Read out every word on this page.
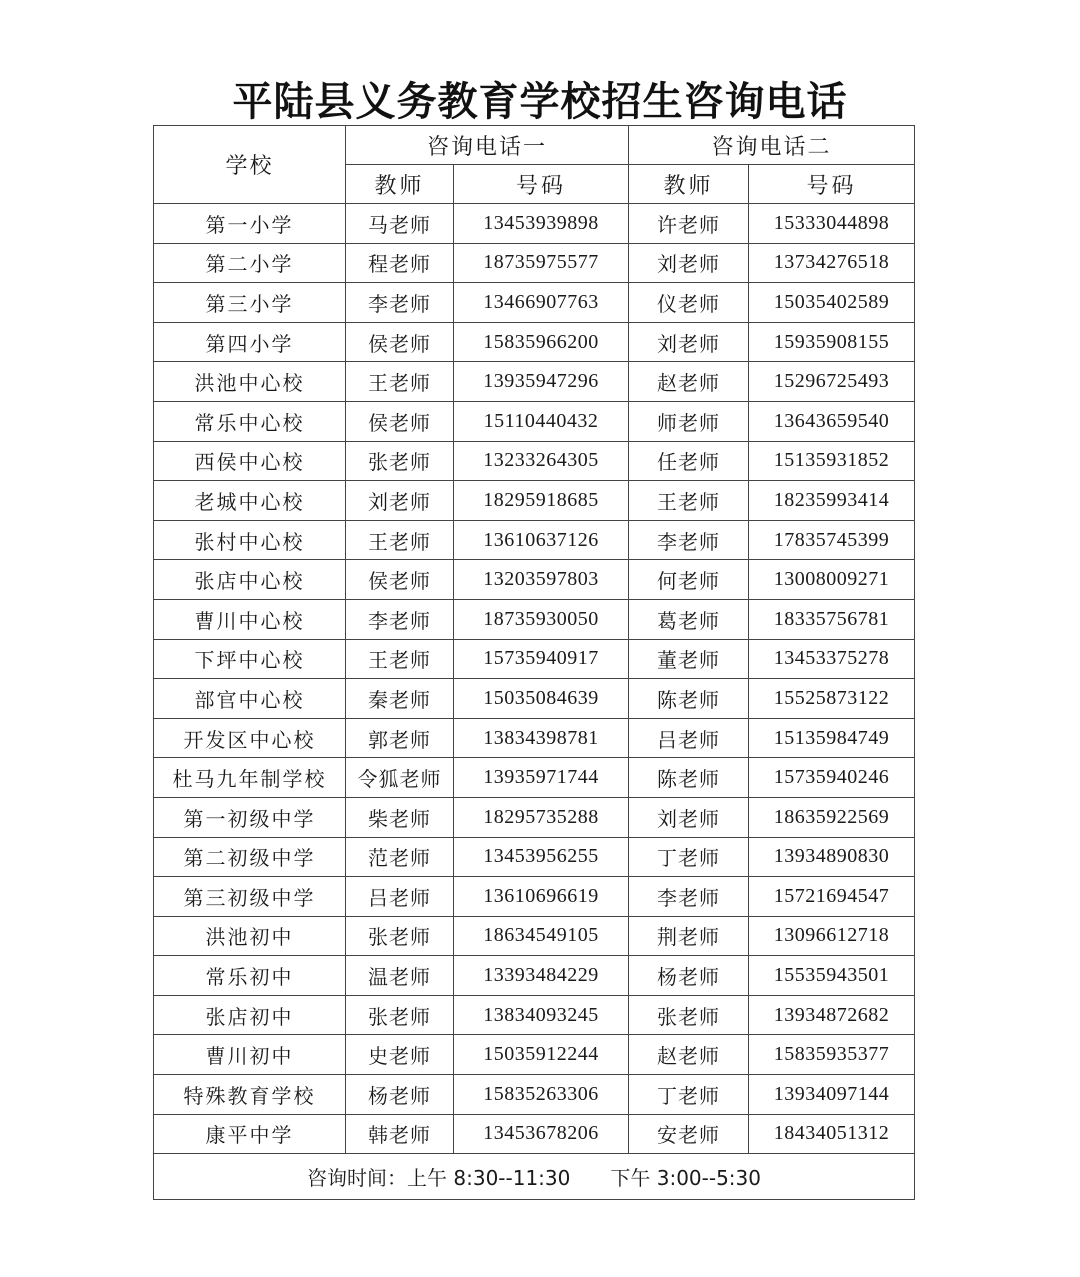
平陆县义务教育学校招生咨询电话
学校	咨询电话一		咨询电话二	
	教师	号码	教师	号码
第一小学	马老师	13453939898	许老师	15333044898
第二小学	程老师	18735975577	刘老师	13734276518
第三小学	李老师	13466907763	仪老师	15035402589
第四小学	侯老师	15835966200	刘老师	15935908155
洪池中心校	王老师	13935947296	赵老师	15296725493
常乐中心校	侯老师	15110440432	师老师	13643659540
西侯中心校	张老师	13233264305	任老师	15135931852
老城中心校	刘老师	18295918685	王老师	18235993414
张村中心校	王老师	13610637126	李老师	17835745399
张店中心校	侯老师	13203597803	何老师	13008009271
曹川中心校	李老师	18735930050	葛老师	18335756781
下坪中心校	王老师	15735940917	董老师	13453375278
部官中心校	秦老师	15035084639	陈老师	15525873122
开发区中心校	郭老师	13834398781	吕老师	15135984749
杜马九年制学校	令狐老师	13935971744	陈老师	15735940246
第一初级中学	柴老师	18295735288	刘老师	18635922569
第二初级中学	范老师	13453956255	丁老师	13934890830
第三初级中学	吕老师	13610696619	李老师	15721694547
洪池初中	张老师	18634549105	荆老师	13096612718
常乐初中	温老师	13393484229	杨老师	15535943501
张店初中	张老师	13834093245	张老师	13934872682
曹川初中	史老师	15035912244	赵老师	15835935377
特殊教育学校	杨老师	15835263306	丁老师	13934097144
康平中学	韩老师	13453678206	安老师	18434051312
咨询时间：上午 8:30--11:30 下午 3:00--5:30				
